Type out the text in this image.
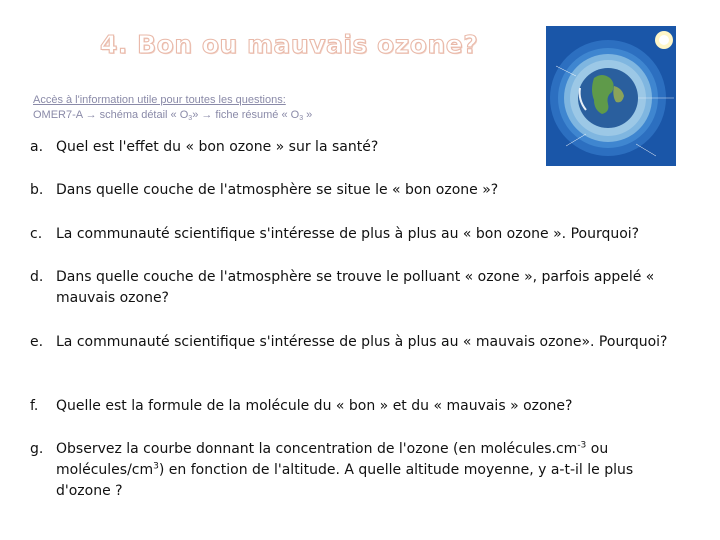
4. Bon ou mauvais ozone?
Accès à l'information utile pour toutes les questions:
OMER7-A → schéma détail « $O_3$» → fiche résumé « $O_3$ »
a. Quel est l'effet du « bon ozone » sur la santé?
b. Dans quelle couche de l'atmosphère se situe le « bon ozone »?
c. La communauté scientifique s'intéresse de plus à plus au « bon ozone ». Pourquoi?
d. Dans quelle couche de l'atmosphère se trouve le polluant « ozone », parfois appelé « mauvais ozone?
e. La communauté scientifique s'intéresse de plus à plus au « mauvais ozone». Pourquoi?
f.	Quelle est la formule de la molécule du « bon » et du « mauvais » ozone?
g. Observez la courbe donnant la concentration de l'ozone (en $molécules.cm^{-3}$ ou molécules/$cm^3$) en fonction de l'altitude. A quelle altitude moyenne, y a-t-il le plus d'ozone ?
